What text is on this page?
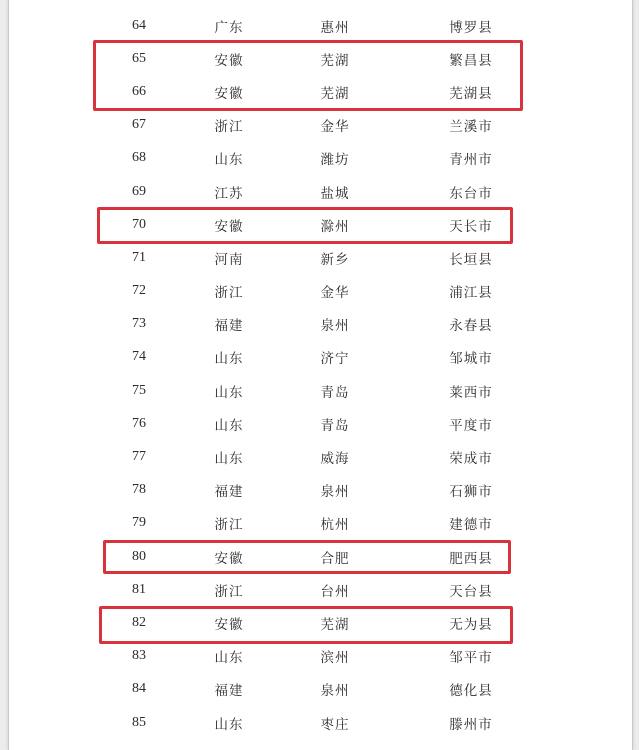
64	广东	惠州	博罗县
65	安徽	芜湖	繁昌县
66	安徽	芜湖	芜湖县
67	浙江	金华	兰溪市
68	山东	潍坊	青州市
69	江苏	盐城	东台市
70	安徽	滁州	天长市
71	河南	新乡	长垣县
72	浙江	金华	浦江县
73	福建	泉州	永春县
74	山东	济宁	邹城市
75	山东	青岛	莱西市
76	山东	青岛	平度市
77	山东	威海	荣成市
78	福建	泉州	石狮市
79	浙江	杭州	建德市
80	安徽	合肥	肥西县
81	浙江	台州	天台县
82	安徽	芜湖	无为县
83	山东	滨州	邹平市
84	福建	泉州	德化县
85	山东	枣庄	滕州市
